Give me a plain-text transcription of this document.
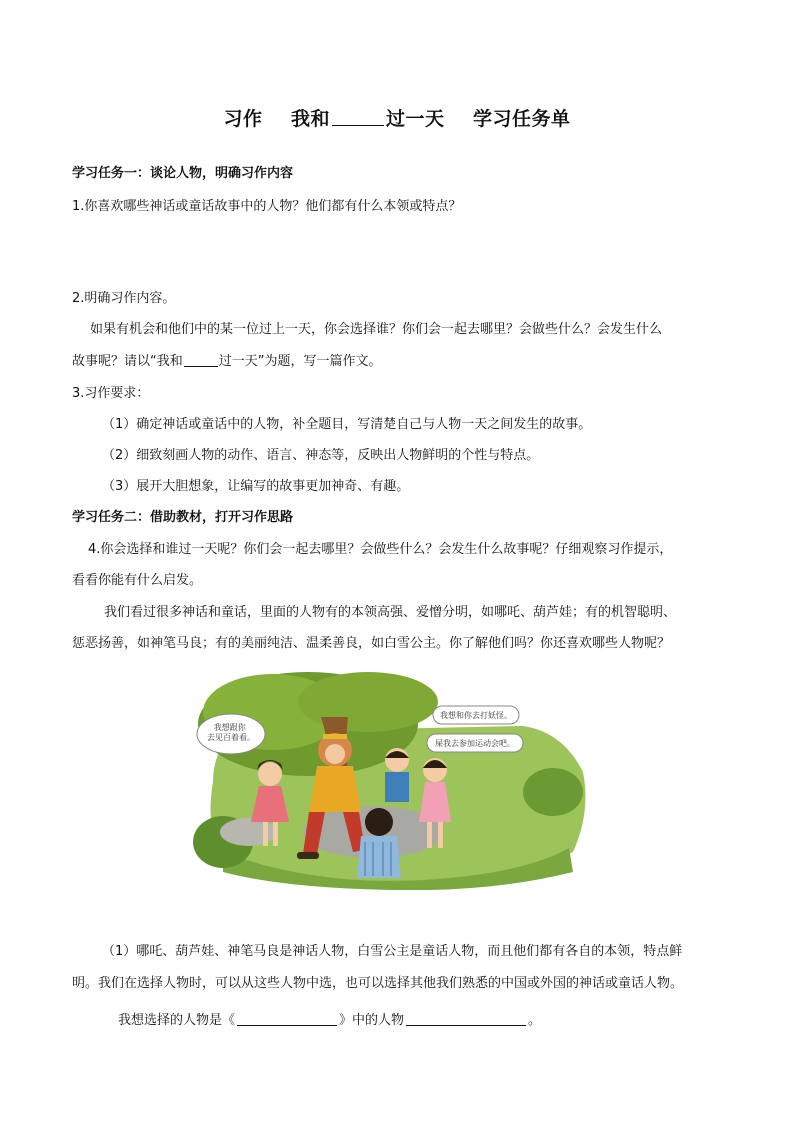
习作 我和	过一天 学习任务单
学习任务一：谈论人物，明确习作内容
1.你喜欢哪些神话或童话故事中的人物？他们都有什么本领或特点？
2.明确习作内容。
如果有机会和他们中的某一位过上一天，你会选择谁？你们会一起去哪里？会做些什么？会发生什么
故事呢？请以“我和	过一天”为题，写一篇作文。
3.习作要求：
（1）确定神话或童话中的人物，补全题目，写清楚自己与人物一天之间发生的故事。
（2）细致刻画人物的动作、语言、神态等，反映出人物鲜明的个性与特点。
（3）展开大胆想象，让编写的故事更加神奇、有趣。
学习任务二：借助教材，打开习作思路
4.你会选择和谁过一天呢？你们会一起去哪里？会做些什么？会发生什么故事呢？仔细观察习作提示，
看看你能有什么启发。
我们看过很多神话和童话，里面的人物有的本领高强、爱憎分明，如哪吒、葫芦娃；有的机智聪明、
惩恶扬善，如神笔马良；有的美丽纯洁、温柔善良，如白雪公主。你了解他们吗？你还喜欢哪些人物呢？
我想跟你 去见百着看。
我想和你去打妖怪。
屎我去参加运动会吧。
（1）哪吒、葫芦娃、神笔马良是神话人物，白雪公主是童话人物，而且他们都有各自的本领，特点鲜
明。我们在选择人物时，可以从这些人物中选，也可以选择其他我们熟悉的中国或外国的神话或童话人物。
我想选择的人物是《	》中的人物	。
